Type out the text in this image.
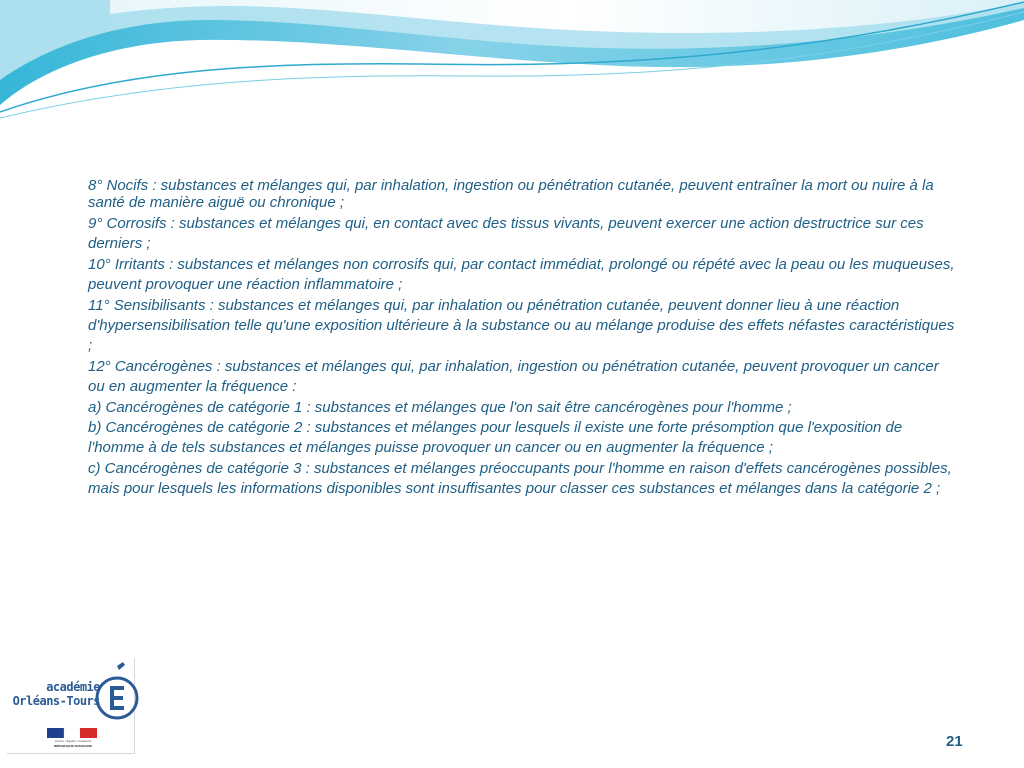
8° Nocifs : substances et mélanges qui, par inhalation, ingestion ou pénétration cutanée, peuvent entraîner la mort ou nuire à la santé de manière aiguë ou chronique ;

9° Corrosifs : substances et mélanges qui, en contact avec des tissus vivants, peuvent exercer une action destructrice sur ces derniers ;

10° Irritants : substances et mélanges non corrosifs qui, par contact immédiat, prolongé ou répété avec la peau ou les muqueuses, peuvent provoquer une réaction inflammatoire ;

11° Sensibilisants : substances et mélanges qui, par inhalation ou pénétration cutanée, peuvent donner lieu à une réaction d'hypersensibilisation telle qu'une exposition ultérieure à la substance ou au mélange produise des effets néfastes caractéristiques ;

12° Cancérogènes : substances et mélanges qui, par inhalation, ingestion ou pénétration cutanée, peuvent provoquer un cancer ou en augmenter la fréquence :

a) Cancérogènes de catégorie 1 : substances et mélanges que l'on sait être cancérogènes pour l'homme ;

b) Cancérogènes de catégorie 2 : substances et mélanges pour lesquels il existe une forte présomption que l'exposition de l'homme à de tels substances et mélanges puisse provoquer un cancer ou en augmenter la fréquence ;

c) Cancérogènes de catégorie 3 : substances et mélanges préoccupants pour l'homme en raison d'effets cancérogènes possibles, mais pour lesquels les informations disponibles sont insuffisantes pour classer ces substances et mélanges dans la catégorie 2 ;

académie
Orléans-Tours
Liberté • Égalité • Fraternité
RÉPUBLIQUE FRANÇAISE	21
